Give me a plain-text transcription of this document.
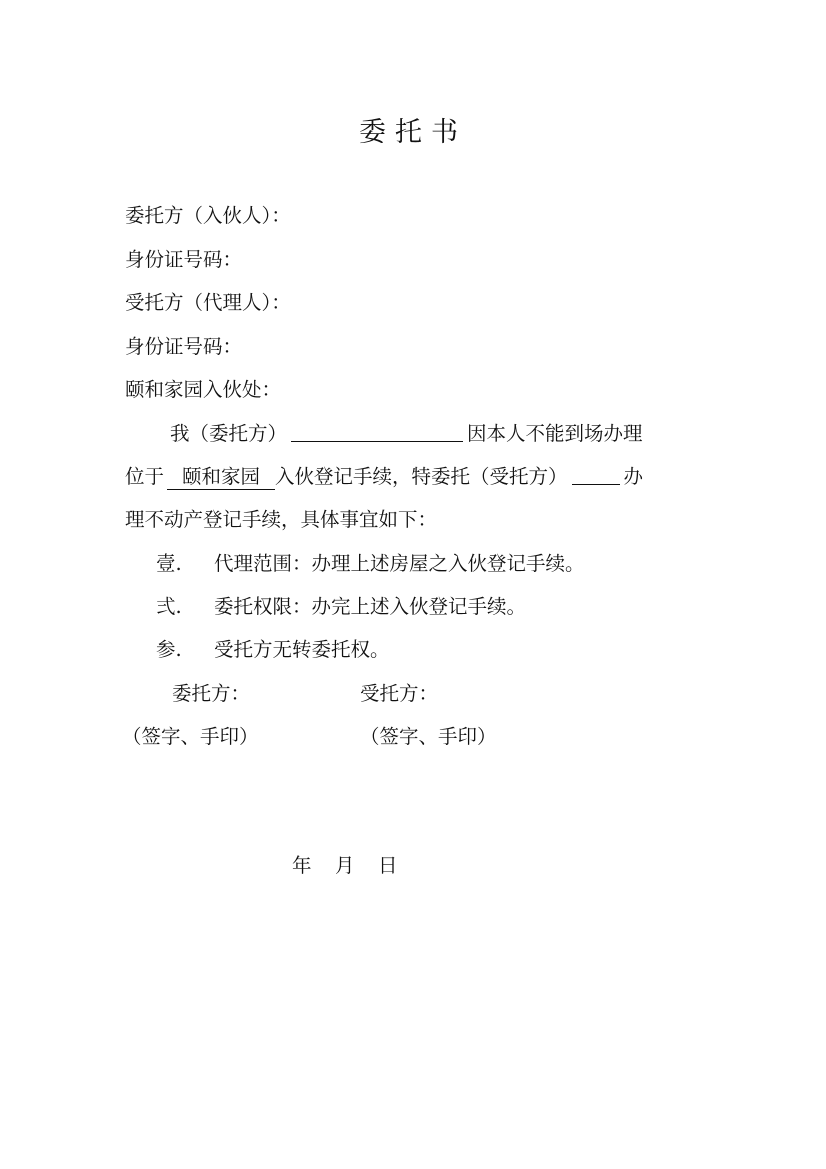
委托书
委托方（入伙人）：
身份证号码：
受托方（代理人）：
身份证号码：
颐和家园入伙处：
我（委托方）	因本人不能到场办理
位于 颐和家园 入伙登记手续，特委托（受托方）	办
理不动产登记手续，具体事宜如下：
壹. 代理范围：办理上述房屋之入伙登记手续。
弍. 委托权限：办完上述入伙登记手续。
参. 受托方无转委托权。
委托方：	受托方：
（签字、手印）	（签字、手印）
年 月 日
